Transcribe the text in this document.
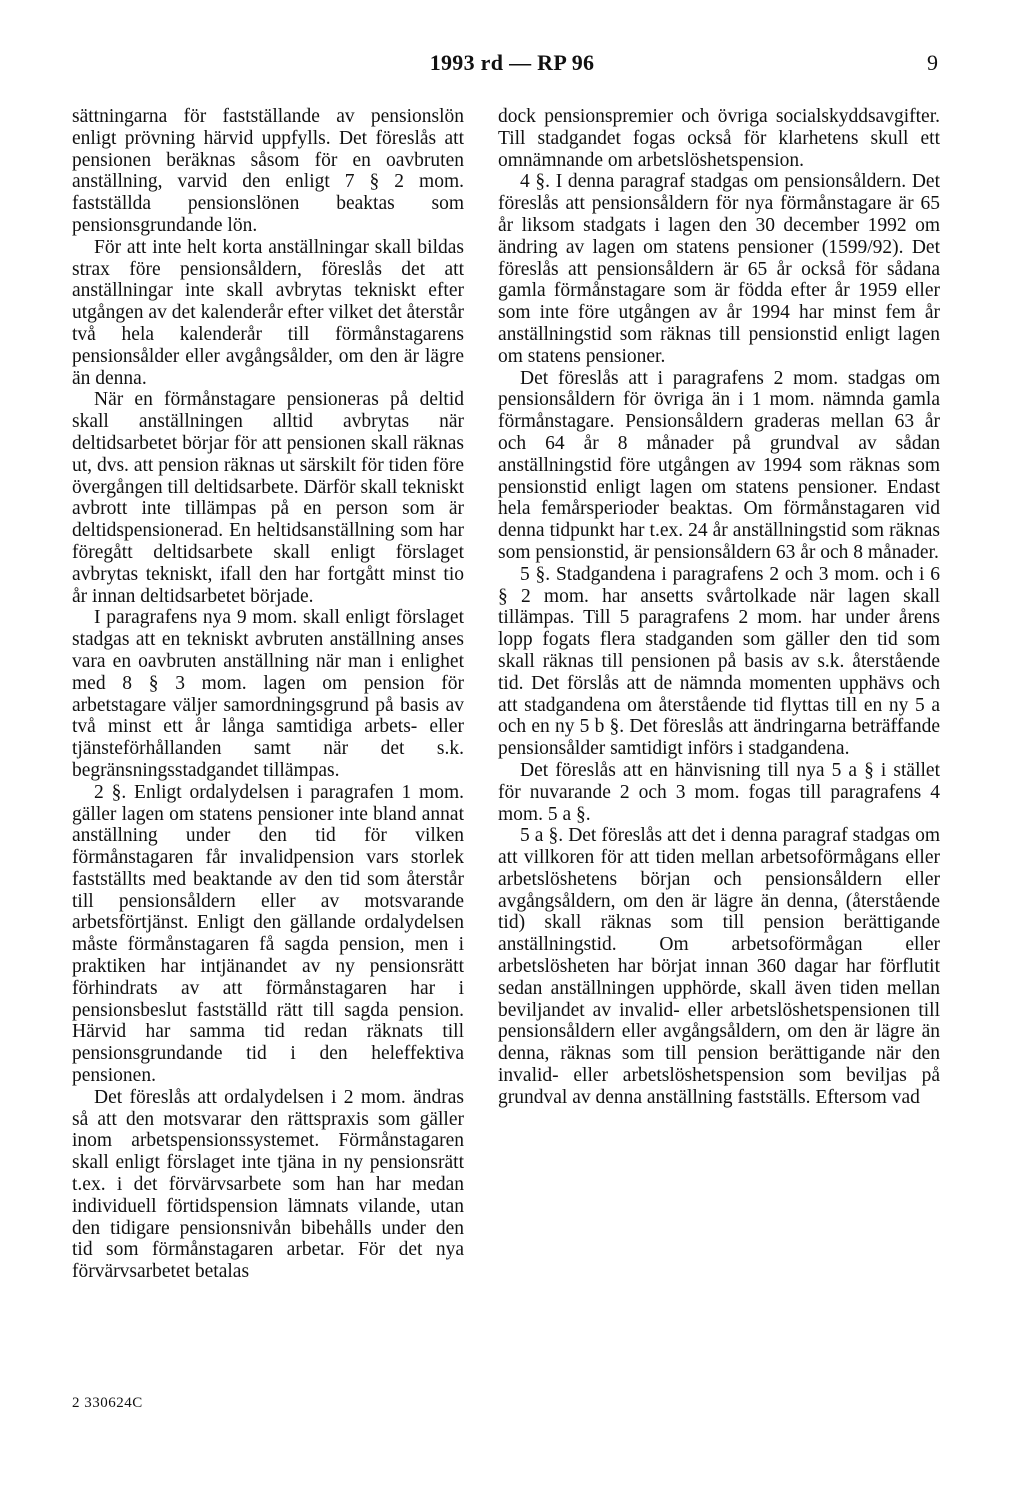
1993 rd — RP 96	9

sättningarna för fastställande av pensionslön enligt prövning härvid uppfylls. Det föreslås att pensionen beräknas såsom för en oavbruten anställning, varvid den enligt 7 § 2 mom. fastställda pensionslönen beaktas som pensionsgrundande lön.

För att inte helt korta anställningar skall bildas strax före pensionsåldern, föreslås det att anställningar inte skall avbrytas tekniskt efter utgången av det kalenderår efter vilket det återstår två hela kalenderår till förmånstagarens pensionsålder eller avgångsålder, om den är lägre än denna.

När en förmånstagare pensioneras på deltid skall anställningen alltid avbrytas när deltidsarbetet börjar för att pensionen skall räknas ut, dvs. att pension räknas ut särskilt för tiden före övergången till deltidsarbete. Därför skall tekniskt avbrott inte tillämpas på en person som är deltidspensionerad. En heltidsanställning som har föregått deltidsarbete skall enligt förslaget avbrytas tekniskt, ifall den har fortgått minst tio år innan deltidsarbetet började.

I paragrafens nya 9 mom. skall enligt förslaget stadgas att en tekniskt avbruten anställning anses vara en oavbruten anställning när man i enlighet med 8 § 3 mom. lagen om pension för arbetstagare väljer samordningsgrund på basis av två minst ett år långa samtidiga arbets- eller tjänsteförhållanden samt när det s.k. begränsningsstadgandet tillämpas.

2 §. Enligt ordalydelsen i paragrafen 1 mom. gäller lagen om statens pensioner inte bland annat anställning under den tid för vilken förmånstagaren får invalidpension vars storlek fastställts med beaktande av den tid som återstår till pensionsåldern eller av motsvarande arbetsförtjänst. Enligt den gällande ordalydelsen måste förmånstagaren få sagda pension, men i praktiken har intjänandet av ny pensionsrätt förhindrats av att förmånstagaren har i pensionsbeslut fastställd rätt till sagda pension. Härvid har samma tid redan räknats till pensionsgrundande tid i den heleffektiva pensionen.

Det föreslås att ordalydelsen i 2 mom. ändras så att den motsvarar den rättspraxis som gäller inom arbetspensionssystemet. Förmånstagaren skall enligt förslaget inte tjäna in ny pensionsrätt t.ex. i det förvärvsarbete som han har medan individuell förtidspension lämnats vilande, utan den tidigare pensionsnivån bibehålls under den tid som förmånstagaren arbetar. För det nya förvärvsarbetet betalas

dock pensionspremier och övriga socialskyddsavgifter. Till stadgandet fogas också för klarhetens skull ett omnämnande om arbetslöshetspension.

4 §. I denna paragraf stadgas om pensionsåldern. Det föreslås att pensionsåldern för nya förmånstagare är 65 år liksom stadgats i lagen den 30 december 1992 om ändring av lagen om statens pensioner (1599/92). Det föreslås att pensionsåldern är 65 år också för sådana gamla förmånstagare som är födda efter år 1959 eller som inte före utgången av år 1994 har minst fem år anställningstid som räknas till pensionstid enligt lagen om statens pensioner.

Det föreslås att i paragrafens 2 mom. stadgas om pensionsåldern för övriga än i 1 mom. nämnda gamla förmånstagare. Pensionsåldern graderas mellan 63 år och 64 år 8 månader på grundval av sådan anställningstid före utgången av 1994 som räknas som pensionstid enligt lagen om statens pensioner. Endast hela femårsperioder beaktas. Om förmånstagaren vid denna tidpunkt har t.ex. 24 år anställningstid som räknas som pensionstid, är pensionsåldern 63 år och 8 månader.

5 §. Stadgandena i paragrafens 2 och 3 mom. och i 6 § 2 mom. har ansetts svårtolkade när lagen skall tillämpas. Till 5 paragrafens 2 mom. har under årens lopp fogats flera stadganden som gäller den tid som skall räknas till pensionen på basis av s.k. återstående tid. Det förslås att de nämnda momenten upphävs och att stadgandena om återstående tid flyttas till en ny 5 a och en ny 5 b §. Det föreslås att ändringarna beträffande pensionsålder samtidigt införs i stadgandena.

Det föreslås att en hänvisning till nya 5 a § i stället för nuvarande 2 och 3 mom. fogas till paragrafens 4 mom. 5 a §.

5 a §. Det föreslås att det i denna paragraf stadgas om att villkoren för att tiden mellan arbetsoförmågans eller arbetslöshetens början och pensionsåldern eller avgångsåldern, om den är lägre än denna, (återstående tid) skall räknas som till pension berättigande anställningstid. Om arbetsoförmågan eller arbetslösheten har börjat innan 360 dagar har förflutit sedan anställningen upphörde, skall även tiden mellan beviljandet av invalid- eller arbetslöshetspensionen till pensionsåldern eller avgångsåldern, om den är lägre än denna, räknas som till pension berättigande när den invalid- eller arbetslöshetspension som beviljas på grundval av denna anställning fastställs. Eftersom vad

2 330624C
